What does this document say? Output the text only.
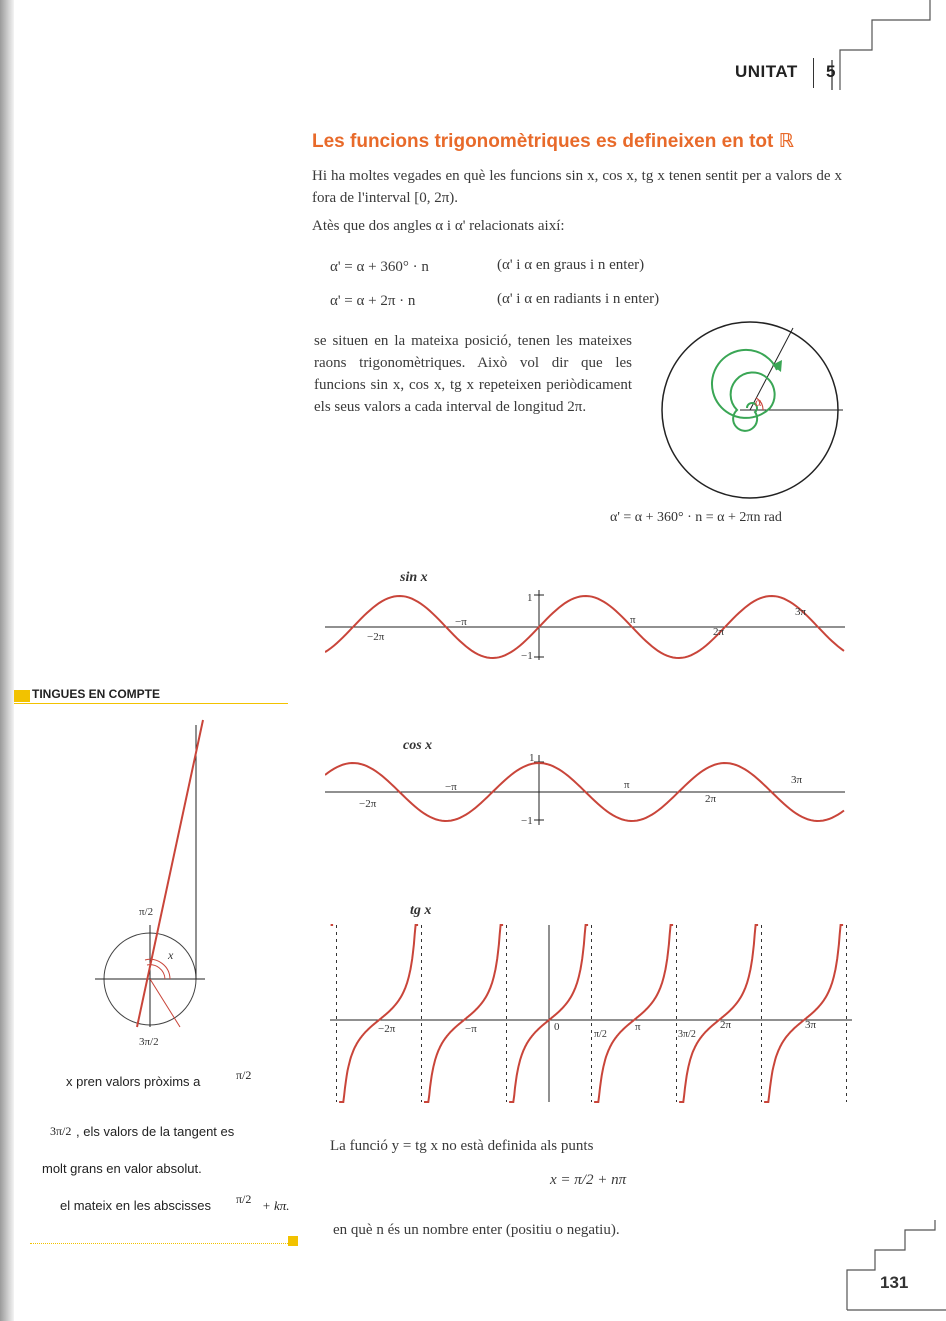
UNITAT 5
Les funcions trigonomètriques es defineixen en tot ℝ
Hi ha moltes vegades en què les funcions sin x, cos x, tg x tenen sentit per a valors de x fora de l'interval [0, 2π).
Atès que dos angles α i α' relacionats així:
α' = α + 360° · n	(α' i α en graus i n enter)
α' = α + 2π · n	(α' i α en radiants i n enter)
se situen en la mateixa posició, tenen les mateixes raons trigonomètriques. Això vol dir que les funcions sin x, cos x, tg x repeteixen periòdicament els seus valors a cada interval de longitud 2π.	α
α' = α + 360° · n = α + 2πn rad
sin x
1
−1
−2π
−π	π
2π
3π
cos x
1
−1
−2π
−π	π
2π
3π
tg x
−2π	−π	0
π/2
π
3π/2
2π	3π
La funció y = tg x no està definida als punts
x = π/2 + nπ
en què n és un nombre enter (positiu o negatiu).
TINGUES EN COMPTE
x
π/2
3π/2
x pren valors pròxims a	π/2
3π/2 , els valors de la tangent es
molt grans en valor absolut.
el mateix en les abscisses π/2 + kπ.
131
